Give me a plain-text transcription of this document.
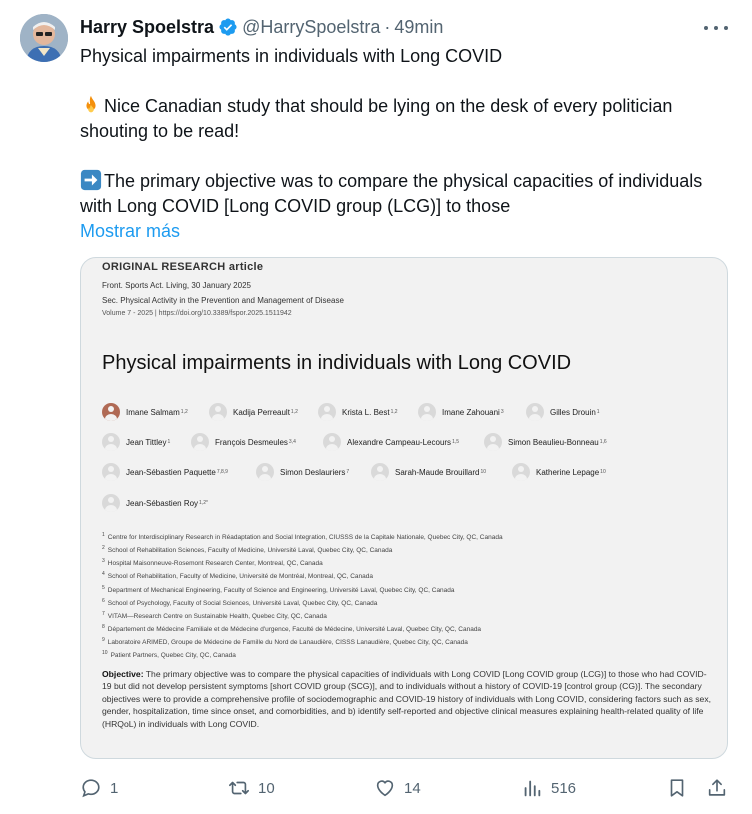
Harry Spoelstra @HarrySpoelstra · 49min

Physical impairments in individuals with Long COVID

Nice Canadian study that should be lying on the desk of every politician

shouting to be read!

The primary objective was to compare the physical capacities of individuals

with Long COVID [Long COVID group (LCG)] to those

Mostrar más

ORIGINAL RESEARCH article
Front. Sports Act. Living, 30 January 2025
Sec. Physical Activity in the Prevention and Management of Disease
Volume 7 - 2025 | https://doi.org/10.3389/fspor.2025.1511942
Physical impairments in individuals with Long COVID
Imane Salmam 1,2	Kadija Perreault 1,2	Krista L. Best 1,2	Imane Zahouani 3	Gilles Drouin 1
Jean Tittley 1	François Desmeules 3,4	Alexandre Campeau-Lecours 1,5	Simon Beaulieu-Bonneau 1,6
Jean-Sébastien Paquette 7,8,9	Simon Deslauriers 7	Sarah-Maude Brouillard 10	Katherine Lepage 10
Jean-Sébastien Roy 1,2*
$^1$ Centre for Interdisciplinary Research in Réadaptation and Social Integration, CIUSSS de la Capitale Nationale, Quebec City, QC, Canada
$^2$ School of Rehabilitation Sciences, Faculty of Medicine, Université Laval, Quebec City, QC, Canada
$^3$ Hospital Maisonneuve-Rosemont Research Center, Montreal, QC, Canada
$^4$ School of Rehabilitation, Faculty of Medicine, Université de Montréal, Montreal, QC, Canada
$^5$ Department of Mechanical Engineering, Faculty of Science and Engineering, Université Laval, Quebec City, QC, Canada
$^6$ School of Psychology, Faculty of Social Sciences, Université Laval, Quebec City, QC, Canada
$^7$ VITAM—Research Centre on Sustainable Health, Quebec City, QC, Canada
$^8$ Département de Médecine Familiale et de Médecine d'urgence, Faculté de Médecine, Université Laval, Quebec City, QC, Canada
$^9$ Laboratoire ARIMED, Groupe de Médecine de Famille du Nord de Lanaudière, CISSS Lanaudière, Quebec City, QC, Canada
$^{10}$ Patient Partners, Quebec City, QC, Canada
Objective: The primary objective was to compare the physical capacities of individuals with Long COVID [Long COVID group (LCG)] to those who had COVID-19 but did not develop persistent symptoms [short COVID group (SCG)], and to individuals without a history of COVID-19 [control group (CG)]. The secondary objectives were to provide a comprehensive profile of sociodemographic and COVID-19 history of individuals with Long COVID, considering factors such as sex, gender, hospitalization, time since onset, and comorbidities, and b) identify self-reported and objective clinical measures explaining health-related quality of life (HRQoL) in individuals with Long COVID.
1	10	14	516
